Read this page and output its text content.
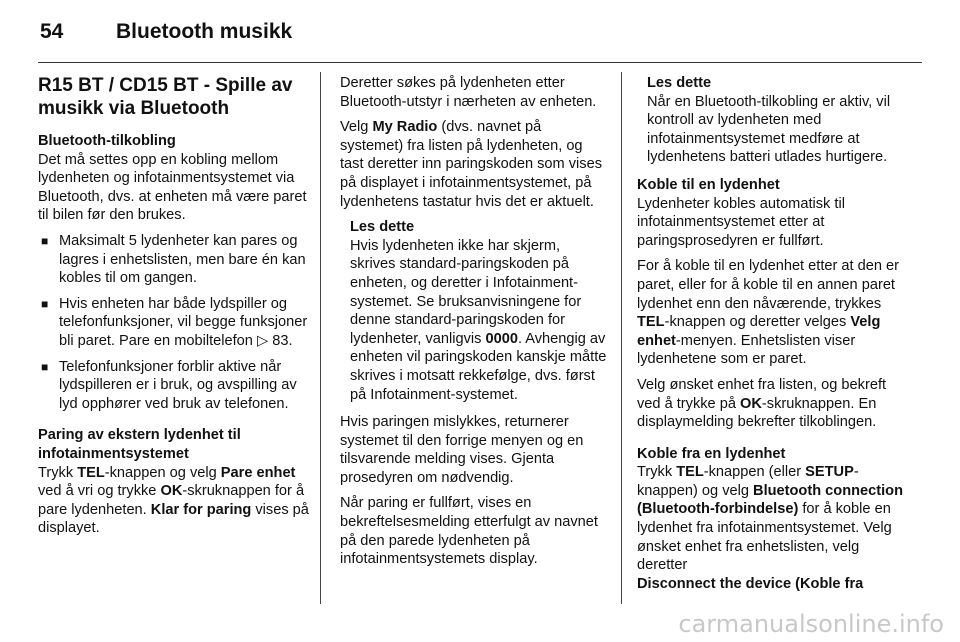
54	Bluetooth musikk
R15 BT / CD15 BT - Spille av musikk via Bluetooth
Bluetooth-tilkobling

Det må settes opp en kobling mellom lydenheten og infotainmentsystemet via Bluetooth, dvs. at enheten må være paret til bilen før den brukes.

■ Maksimalt 5 lydenheter kan pares og lagres i enhetslisten, men bare én kan kobles til om gangen.
■ Hvis enheten har både lydspiller og telefonfunksjoner, vil begge funksjoner bli paret. Pare en mobiltelefon ▷ 83.
■ Telefonfunksjoner forblir aktive når lydspilleren er i bruk, og avspilling av lyd opphører ved bruk av telefonen.
Paring av ekstern lydenhet til infotainmentsystemet

Trykk TEL-knappen og velg Pare enhet ved å vri og trykke OK-skruknappen for å pare lydenheten. Klar for paring vises på displayet.

Deretter søkes på lydenheten etter Bluetooth-utstyr i nærheten av enheten.

Velg My Radio (dvs. navnet på systemet) fra listen på lydenheten, og tast deretter inn paringskoden som vises på displayet i infotainmentsystemet, på lydenhetens tastatur hvis det er aktuelt.

Les dette
Hvis lydenheten ikke har skjerm, skrives standard-paringskoden på enheten, og deretter i Infotainment-systemet. Se bruksanvisningene for denne standard-paringskoden for lydenheter, vanligvis 0000. Avhengig av enheten vil paringskoden kanskje måtte skrives i motsatt rekkefølge, dvs. først på Infotainment-systemet.

Hvis paringen mislykkes, returnerer systemet til den forrige menyen og en tilsvarende melding vises. Gjenta prosedyren om nødvendig.

Når paring er fullført, vises en bekreftelsesmelding etterfulgt av navnet på den parede lydenheten på infotainmentsystemets display.

Les dette
Når en Bluetooth-tilkobling er aktiv, vil kontroll av lydenheten med infotainmentsystemet medføre at lydenhetens batteri utlades hurtigere.
Koble til en lydenhet

Lydenheter kobles automatisk til infotainmentsystemet etter at paringsprosedyren er fullført.

For å koble til en lydenhet etter at den er paret, eller for å koble til en annen paret lydenhet enn den nåværende, trykkes TEL-knappen og deretter velges Velg enhet-menyen. Enhetslisten viser lydenhetene som er paret.

Velg ønsket enhet fra listen, og bekreft ved å trykke på OK-skruknappen. En displaymelding bekrefter tilkoblingen.

Koble fra en lydenhet

Trykk TEL-knappen (eller SETUP-knappen) og velg Bluetooth connection (Bluetooth-forbindelse) for å koble en lydenhet fra infotainmentsystemet. Velg ønsket enhet fra enhetslisten, velg deretter
Disconnect the device (Koble fra

carmanualsonline.info
